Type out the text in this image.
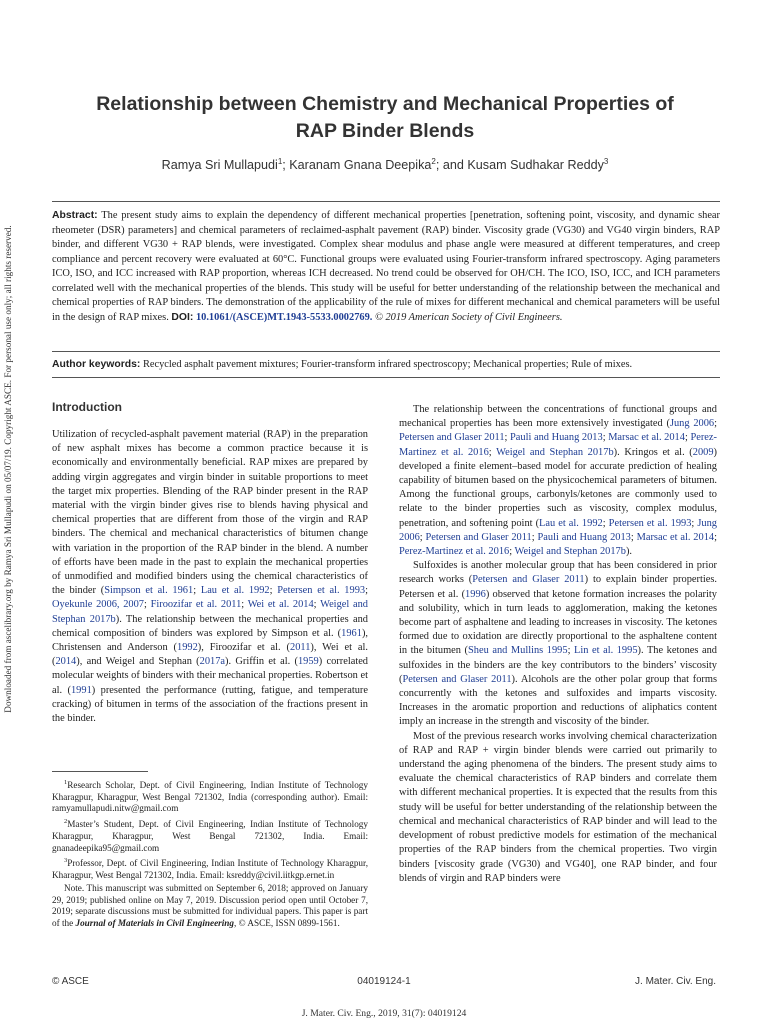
Downloaded from ascelibrary.org by Ramya Sri Mullapudi on 05/07/19. Copyright ASCE. For personal use only; all rights reserved.
Relationship between Chemistry and Mechanical Properties of RAP Binder Blends
Ramya Sri Mullapudi$^1$; Karanam Gnana Deepika$^2$; and Kusam Sudhakar Reddy$^3$

Abstract: The present study aims to explain the dependency of different mechanical properties [penetration, softening point, viscosity, and dynamic shear rheometer (DSR) parameters] and chemical parameters of reclaimed-asphalt pavement (RAP) binder. Viscosity grade (VG30) and VG40 virgin binders, RAP binder, and different VG30 + RAP blends, were investigated. Complex shear modulus and phase angle were measured at different temperatures, and creep compliance and percent recovery were evaluated at 60°C. Functional groups were evaluated using Fourier-transform infrared spectroscopy. Aging parameters ICO, ISO, and ICC increased with RAP proportion, whereas ICH decreased. No trend could be observed for OH/CH. The ICO, ISO, ICC, and ICH parameters correlated well with the mechanical properties of the blends. This study will be useful for better understanding of the relationship between the mechanical and chemical properties of RAP binders. The demonstration of the applicability of the rule of mixes for different mechanical and chemical parameters will be useful in the design of RAP mixes. DOI: 10.1061/(ASCE)MT.1943-5533.0002769. © 2019 American Society of Civil Engineers.

Author keywords: Recycled asphalt pavement mixtures; Fourier-transform infrared spectroscopy; Mechanical properties; Rule of mixes.

Introduction

Utilization of recycled-asphalt pavement material (RAP) in the preparation of new asphalt mixes has become a common practice because it is economically and environmentally beneficial. RAP mixes are prepared by adding virgin aggregates and virgin binder in suitable proportions to meet the target mix properties. Blending of the RAP binder present in the RAP material with the virgin binder gives rise to blends having physical and chemical properties that are different from those of the virgin and RAP binders. The chemical and mechanical characteristics of bitumen change with variation in the proportion of the RAP binder in the blend. A number of efforts have been made in the past to explain the mechanical properties of unmodified and modified binders using the chemical characteristics of the binder (Simpson et al. 1961; Lau et al. 1992; Petersen et al. 1993; Oyekunle 2006, 2007; Firoozifar et al. 2011; Wei et al. 2014; Weigel and Stephan 2017b). The relationship between the mechanical properties and chemical composition of binders was explored by Simpson et al. (1961), Christensen and Anderson (1992), Firoozifar et al. (2011), Wei et al. (2014), and Weigel and Stephan (2017a). Griffin et al. (1959) correlated molecular weights of binders with their mechanical properties. Robertson et al. (1991) presented the performance (rutting, fatigue, and temperature cracking) of bitumen in terms of the association of the fractions present in the binder.

$^1$Research Scholar, Dept. of Civil Engineering, Indian Institute of Technology Kharagpur, Kharagpur, West Bengal 721302, India (corresponding author). Email: ramyamullapudi.nitw@gmail.com

$^2$Master’s Student, Dept. of Civil Engineering, Indian Institute of Technology Kharagpur, Kharagpur, West Bengal 721302, India. Email: gnanadeepika95@gmail.com

$^3$Professor, Dept. of Civil Engineering, Indian Institute of Technology Kharagpur, Kharagpur, West Bengal 721302, India. Email: ksreddy@civil.iitkgp.ernet.in

Note. This manuscript was submitted on September 6, 2018; approved on January 29, 2019; published online on May 7, 2019. Discussion period open until October 7, 2019; separate discussions must be submitted for individual papers. This paper is part of the Journal of Materials in Civil Engineering, © ASCE, ISSN 0899-1561.

The relationship between the concentrations of functional groups and mechanical properties has been more extensively investigated (Jung 2006; Petersen and Glaser 2011; Pauli and Huang 2013; Marsac et al. 2014; Perez-Martinez et al. 2016; Weigel and Stephan 2017b). Kringos et al. (2009) developed a finite element–based model for accurate prediction of healing capability of bitumen based on the physicochemical parameters of bitumen. Among the functional groups, carbonyls/ketones are commonly used to relate to the binder properties such as viscosity, complex modulus, penetration, and softening point (Lau et al. 1992; Petersen et al. 1993; Jung 2006; Petersen and Glaser 2011; Pauli and Huang 2013; Marsac et al. 2014; Perez-Martinez et al. 2016; Weigel and Stephan 2017b).

Sulfoxides is another molecular group that has been considered in prior research works (Petersen and Glaser 2011) to explain binder properties. Petersen et al. (1996) observed that ketone formation increases the polarity and solubility, which in turn leads to agglomeration, making the ketones become part of asphaltene and leading to increases in viscosity. The ketones formed due to oxidation are directly proportional to the asphaltene content in the bitumen (Sheu and Mullins 1995; Lin et al. 1995). The ketones and sulfoxides in the binders are the key contributors to the binders’ viscosity (Petersen and Glaser 2011). Alcohols are the other polar group that forms concurrently with the ketones and sulfoxides and imparts viscosity. Increases in the aromatic proportion and reductions of aliphatics content imply an increase in the strength and viscosity of the binder.

Most of the previous research works involving chemical characterization of RAP and RAP + virgin binder blends were carried out primarily to understand the aging phenomena of the binders. The present study aims to evaluate the chemical characteristics of RAP binders and correlate them with different mechanical properties. It is expected that the results from this study will be useful for better understanding of the relationship between the chemical and mechanical characteristics of RAP binder and will lead to the development of robust predictive models for estimation of the mechanical properties of the RAP binders from the chemical properties. Two virgin binders [viscosity grade (VG30) and VG40], one RAP binder, and four blends of virgin and RAP binders were

© ASCE	04019124-1	J. Mater. Civ. Eng.
J. Mater. Civ. Eng., 2019, 31(7): 04019124
